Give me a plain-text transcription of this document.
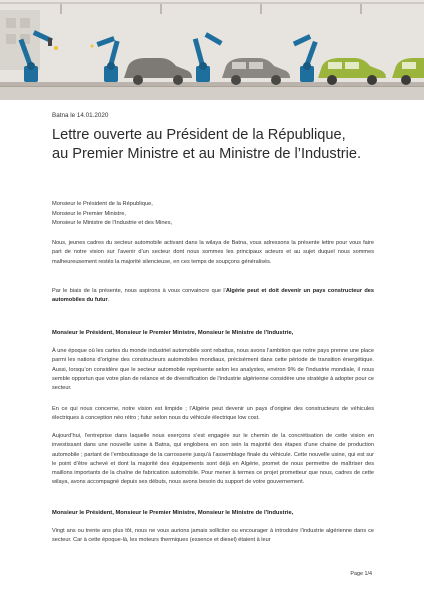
Batna le 14.01.2020
Lettre ouverte au Président de la République,
au Premier Ministre et au Ministre de l’Industrie.
Monsieur le Président de la République,
Monsieur le Premier Ministre,
Monsieur le Ministre de l’Industrie et des Mines,
Nous, jeunes cadres du secteur automobile activant dans la wilaya de Batna, vous adressons la présente lettre pour vous faire part de notre vision sur l’avenir d’un secteur dont nous sommes les principaux acteurs et au sujet duquel nous sommes malheureusement restés la majorité silencieuse, en ces temps de soupçons généralisés.
Par le biais de la présente, nous aspirons à vous convaincre que l’Algérie peut et doit devenir un pays constructeur des automobiles du futur.
Monsieur le Président, Monsieur le Premier Ministre, Monsieur le Ministre de l’Industrie,
À une époque où les cartes du monde industriel automobile sont rebattus, nous avons l’ambition que notre pays prenne une place parmi les nations d’origine des constructeurs automobiles mondiaux, précisément dans cette période de transition énergétique. Aussi, lorsqu’on considère que le secteur automobile représente selon les analystes, environ 9% de l’industrie mondiale, il nous semble opportun que votre plan de relance et de diversification de l’industrie algérienne considère une stratégie à adopter pour ce secteur.
En ce qui nous concerne, notre vision est limpide ; l’Algérie peut devenir un pays d’origine des constructeurs de véhicules électriques à conception néo rétro ; futur selon nous du véhicule électrique low cost.
Aujourd’hui, l’entreprise dans laquelle nous exerçons s’est engagée sur le chemin de la concrétisation de cette vision en investissant dans une nouvelle usine à Batna, qui englobera en son sein la majorité des étapes d’une chaine de production automobile ; partant de l’emboutissage de la carrosserie jusqu’à l’assemblage finale du véhicule. Cette nouvelle usine, qui est sur le point d’être achevé et dont la majorité des équipements sont déjà en Algérie, promet de nous permettre de maîtriser des maillons importants de la chaîne de fabrication automobile. Pour mener à termes ce projet prometteur que nous, cadres de cette wilaya, avons accompagné depuis ses débuts, nous avons besoin du support de votre gouvernement.
Monsieur le Président, Monsieur le Premier Ministre, Monsieur le Ministre de l’Industrie,
Vingt ans ou trente ans plus tôt, nous ne vous aurions jamais solliciter ou encourager à introduire l’industrie algérienne dans ce secteur. Car à cette époque-là, les moteurs thermiques (essence et diesel) étaient à leur
Page 1/4
